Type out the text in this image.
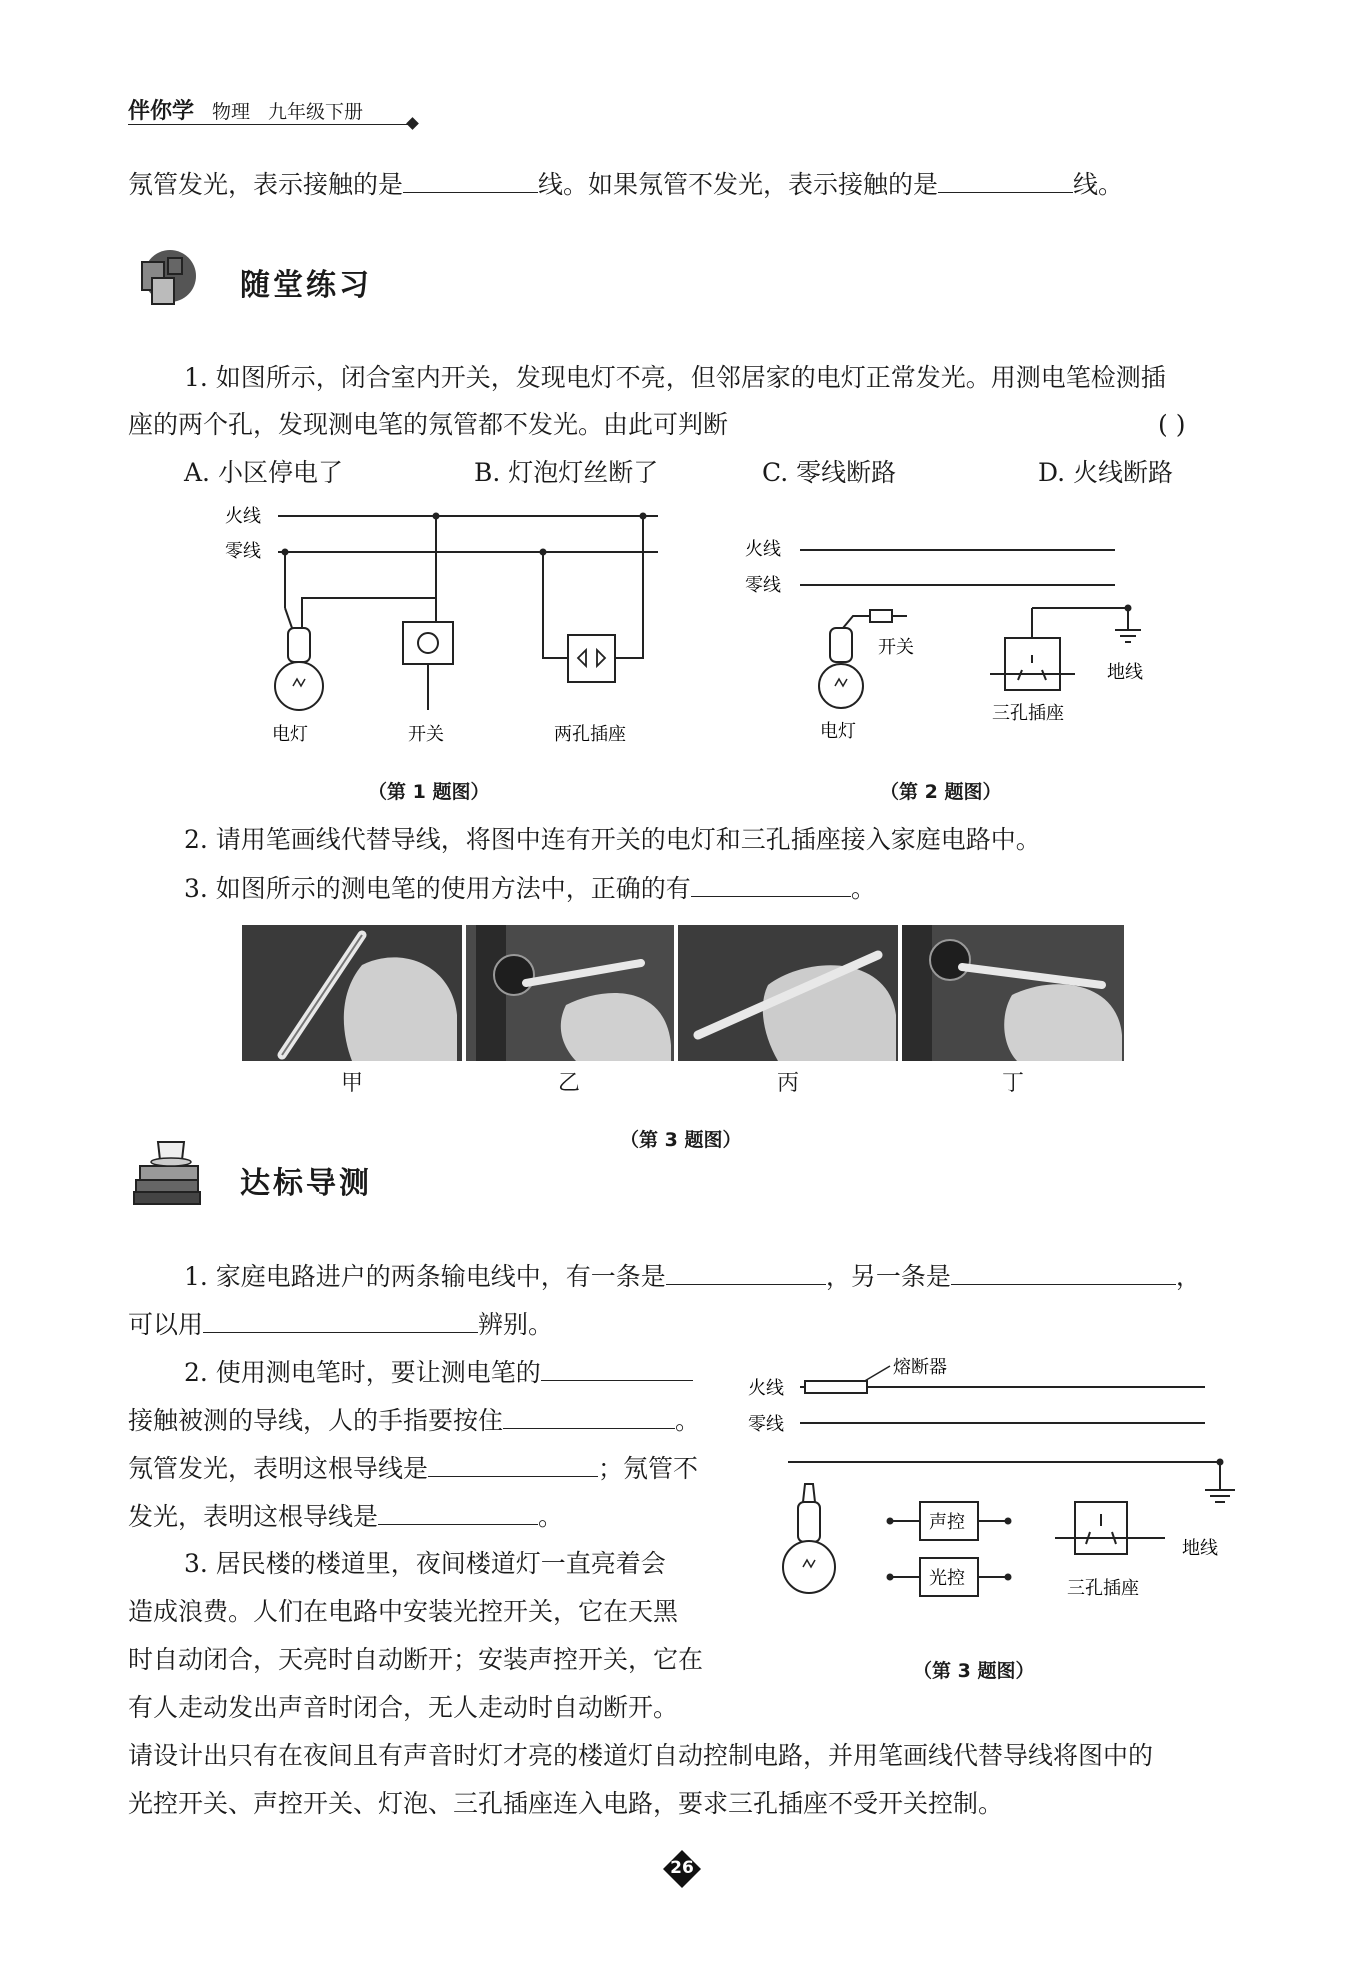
伴你学 物理 九年级下册
氖管发光，表示接触的是	线。如果氖管不发光，表示接触的是	线。
随堂练习
1. 如图所示，闭合室内开关，发现电灯不亮，但邻居家的电灯正常发光。用测电笔检测插
座的两个孔，发现测电笔的氖管都不发光。由此可判断	( )
A. 小区停电了	B. 灯泡灯丝断了	C. 零线断路	D. 火线断路
火线
零线
电灯	开关	两孔插座
（第 1 题图）
火线
零线
开关
地线
电灯
三孔插座
（第 2 题图）
2. 请用笔画线代替导线，将图中连有开关的电灯和三孔插座接入家庭电路中。
3. 如图所示的测电笔的使用方法中，正确的有	。
甲	乙	丙	丁
（第 3 题图）
达标导测
1. 家庭电路进户的两条输电线中，有一条是	，另一条是	，
可以用	辨别。
2. 使用测电笔时，要让测电笔的
接触被测的导线，人的手指要按住	。
氖管发光，表明这根导线是	；氖管不
发光，表明这根导线是	。
3. 居民楼的楼道里，夜间楼道灯一直亮着会
造成浪费。人们在电路中安装光控开关，它在天黑
时自动闭合，天亮时自动断开；安装声控开关，它在
有人走动发出声音时闭合，无人走动时自动断开。
请设计出只有在夜间且有声音时灯才亮的楼道灯自动控制电路，并用笔画线代替导线将图中的
光控开关、声控开关、灯泡、三孔插座连入电路，要求三孔插座不受开关控制。
熔断器
火线
零线
声控
光控
地线
三孔插座
（第 3 题图）
26
